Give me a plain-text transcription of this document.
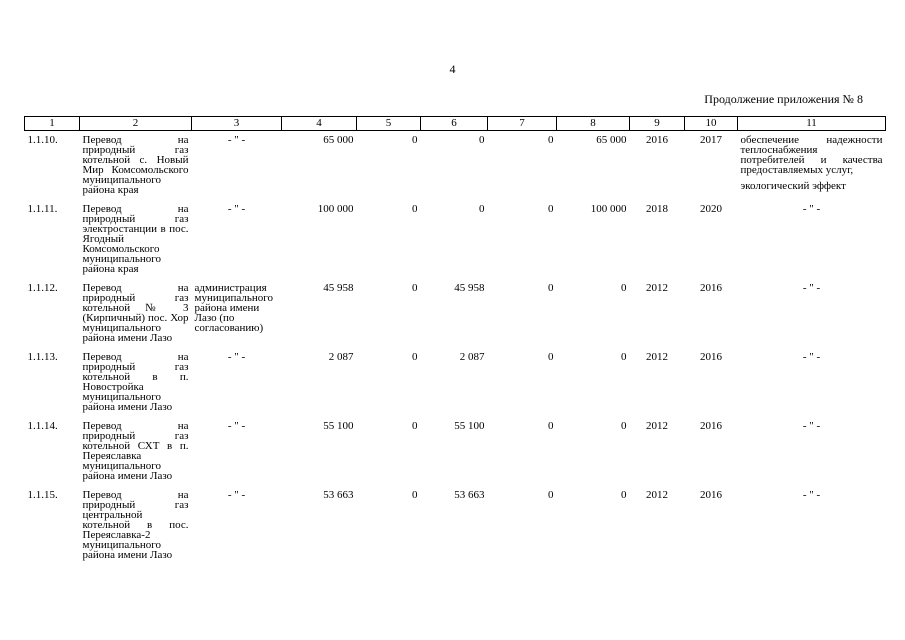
4
Продолжение приложения № 8
1	2	3	4	5	6	7	8	9	10	11
1.1.10.	Перевод на природный газ котельной с. Новый Мир Комсомольского муниципального района края	- " -	65 000	0	0	0	65 000	2016	2017	обеспечение надежности теплоснабжения потребителей и качества предоставляемых услуг,
экологический эффект

1.1.11.	Перевод на природный газ электростанции в пос. Ягодный Комсомольского муниципального района края	- " -	100 000	0	0	0	100 000	2018	2020	- " -
1.1.12.	Перевод на природный газ котельной № 3 (Кирпичный) пос. Хор муниципального района имени Лазо	администрация муниципального района имени Лазо (по согласованию)	45 958	0	45 958	0	0	2012	2016	- " -
1.1.13.	Перевод на природный газ котельной в п. Новостройка муниципального района имени Лазо	- " -	2 087	0	2 087	0	0	2012	2016	- " -
1.1.14.	Перевод на природный газ котельной СХТ в п. Переяславка муниципального района имени Лазо	- " -	55 100	0	55 100	0	0	2012	2016	- " -
1.1.15.	Перевод на природный газ центральной котельной в пос. Переяславка-2 муниципального района имени Лазо	- " -	53 663	0	53 663	0	0	2012	2016	- " -
